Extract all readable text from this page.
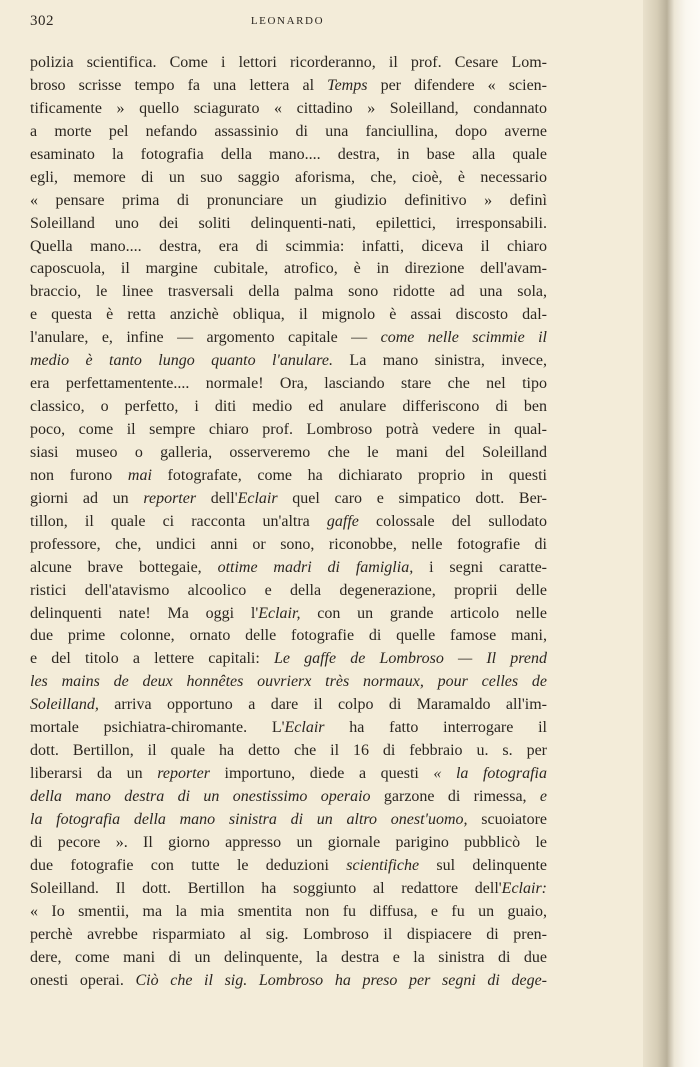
302	LEONARDO
polizia scientifica. Come i lettori ricorderanno, il prof. Cesare Lom-
broso scrisse tempo fa una lettera al Temps per difendere « scien-
tificamente » quello sciagurato « cittadino » Soleilland, condannato
a morte pel nefando assassinio di una fanciullina, dopo averne
esaminato la fotografia della mano.... destra, in base alla quale
egli, memore di un suo saggio aforisma, che, cioè, è necessario
« pensare prima di pronunciare un giudizio definitivo » definì
Soleilland uno dei soliti delinquenti-nati, epilettici, irresponsabili.
Quella mano.... destra, era di scimmia: infatti, diceva il chiaro
caposcuola, il margine cubitale, atrofico, è in direzione dell'avam-
braccio, le linee trasversali della palma sono ridotte ad una sola,
e questa è retta anzichè obliqua, il mignolo è assai discosto dal-
l'anulare, e, infine — argomento capitale — come nelle scimmie il
medio è tanto lungo quanto l'anulare. La mano sinistra, invece,
era perfettamentente.... normale! Ora, lasciando stare che nel tipo
classico, o perfetto, i diti medio ed anulare differiscono di ben
poco, come il sempre chiaro prof. Lombroso potrà vedere in qual-
siasi museo o galleria, osserveremo che le mani del Soleilland
non furono mai fotografate, come ha dichiarato proprio in questi
giorni ad un reporter dell'Eclair quel caro e simpatico dott. Ber-
tillon, il quale ci racconta un'altra gaffe colossale del sullodato
professore, che, undici anni or sono, riconobbe, nelle fotografie di
alcune brave bottegaie, ottime madri di famiglia, i segni caratte-
ristici dell'atavismo alcoolico e della degenerazione, proprii delle
delinquenti nate! Ma oggi l'Eclair, con un grande articolo nelle
due prime colonne, ornato delle fotografie di quelle famose mani,
e del titolo a lettere capitali: Le gaffe de Lombroso — Il prend
les mains de deux honnêtes ouvrierx très normaux, pour celles de
Soleilland, arriva opportuno a dare il colpo di Maramaldo all'im-
mortale psichiatra-chiromante. L'Eclair ha fatto interrogare il
dott. Bertillon, il quale ha detto che il 16 di febbraio u. s. per
liberarsi da un reporter importuno, diede a questi « la fotografia
della mano destra di un onestissimo operaio garzone di rimessa, e
la fotografia della mano sinistra di un altro onest'uomo, scuoiatore
di pecore ». Il giorno appresso un giornale parigino pubblicò le
due fotografie con tutte le deduzioni scientifiche sul delinquente
Soleilland. Il dott. Bertillon ha soggiunto al redattore dell'Eclair:
« Io smentii, ma la mia smentita non fu diffusa, e fu un guaio,
perchè avrebbe risparmiato al sig. Lombroso il dispiacere di pren-
dere, come mani di un delinquente, la destra e la sinistra di due
onesti operai. Ciò che il sig. Lombroso ha preso per segni di dege-
